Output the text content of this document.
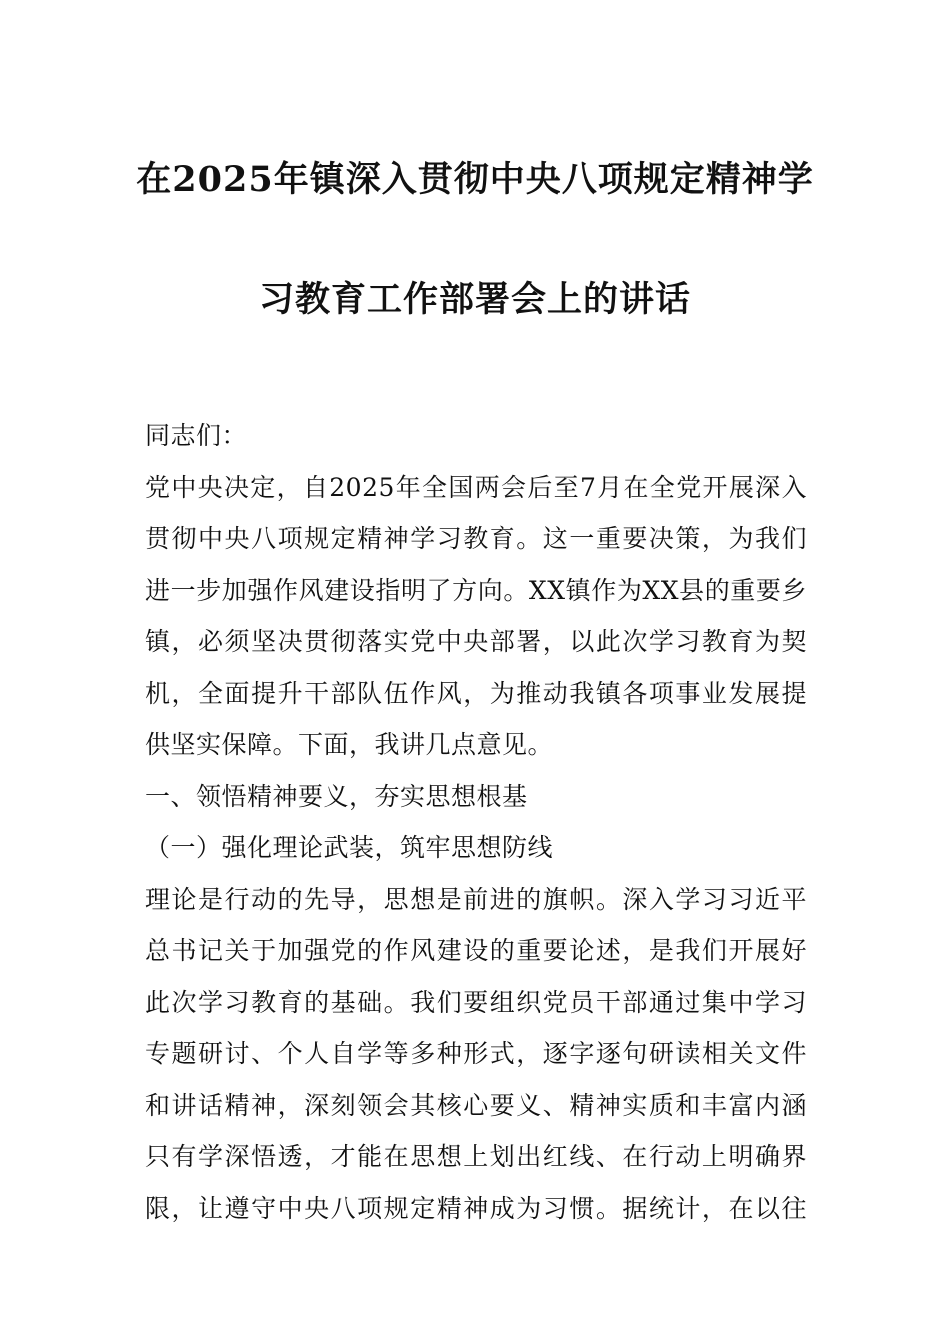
在2025年镇深入贯彻中央八项规定精神学
习教育工作部署会上的讲话
同志们：
党中央决定，自2025年全国两会后至7月在全党开展深入
贯彻中央八项规定精神学习教育。这一重要决策，为我们
进一步加强作风建设指明了方向。XX镇作为XX县的重要乡
镇，必须坚决贯彻落实党中央部署，以此次学习教育为契
机，全面提升干部队伍作风，为推动我镇各项事业发展提
供坚实保障。下面，我讲几点意见。
一、领悟精神要义，夯实思想根基
（一）强化理论武装，筑牢思想防线
理论是行动的先导，思想是前进的旗帜。深入学习习近平
总书记关于加强党的作风建设的重要论述，是我们开展好
此次学习教育的基础。我们要组织党员干部通过集中学习
专题研讨、个人自学等多种形式，逐字逐句研读相关文件
和讲话精神，深刻领会其核心要义、精神实质和丰富内涵
只有学深悟透，才能在思想上划出红线、在行动上明确界
限，让遵守中央八项规定精神成为习惯。据统计，在以往
